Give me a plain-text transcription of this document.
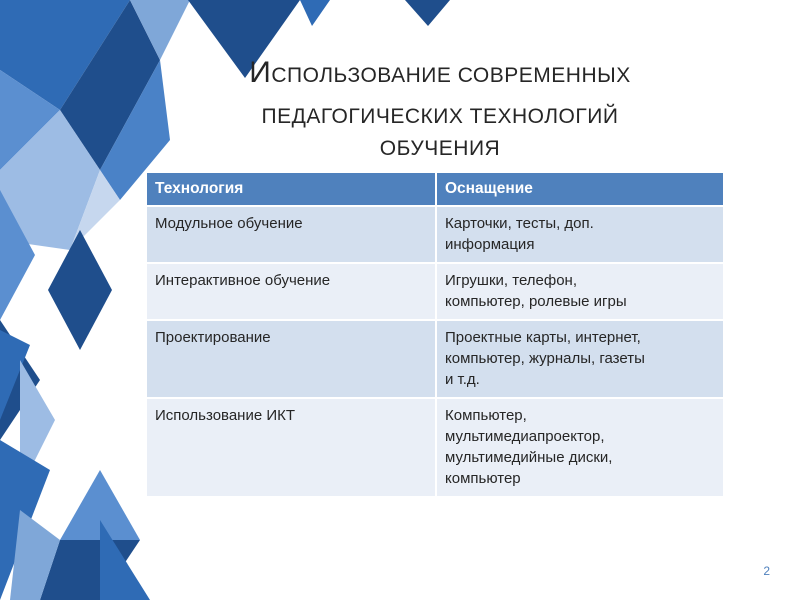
ИСПОЛЬЗОВАНИЕ СОВРЕМЕННЫХ
ПЕДАГОГИЧЕСКИХ ТЕХНОЛОГИЙ
ОБУЧЕНИЯ
Технология	Оснащение
Модульное обучение	Карточки, тесты, доп.
информация
Интерактивное обучение	Игрушки, телефон,
компьютер, ролевые игры
Проектирование	Проектные карты, интернет,
компьютер, журналы, газеты
и т.д.
Использование ИКТ	Компьютер,
мультимедиапроектор,
мультимедийные диски,
компьютер
2
